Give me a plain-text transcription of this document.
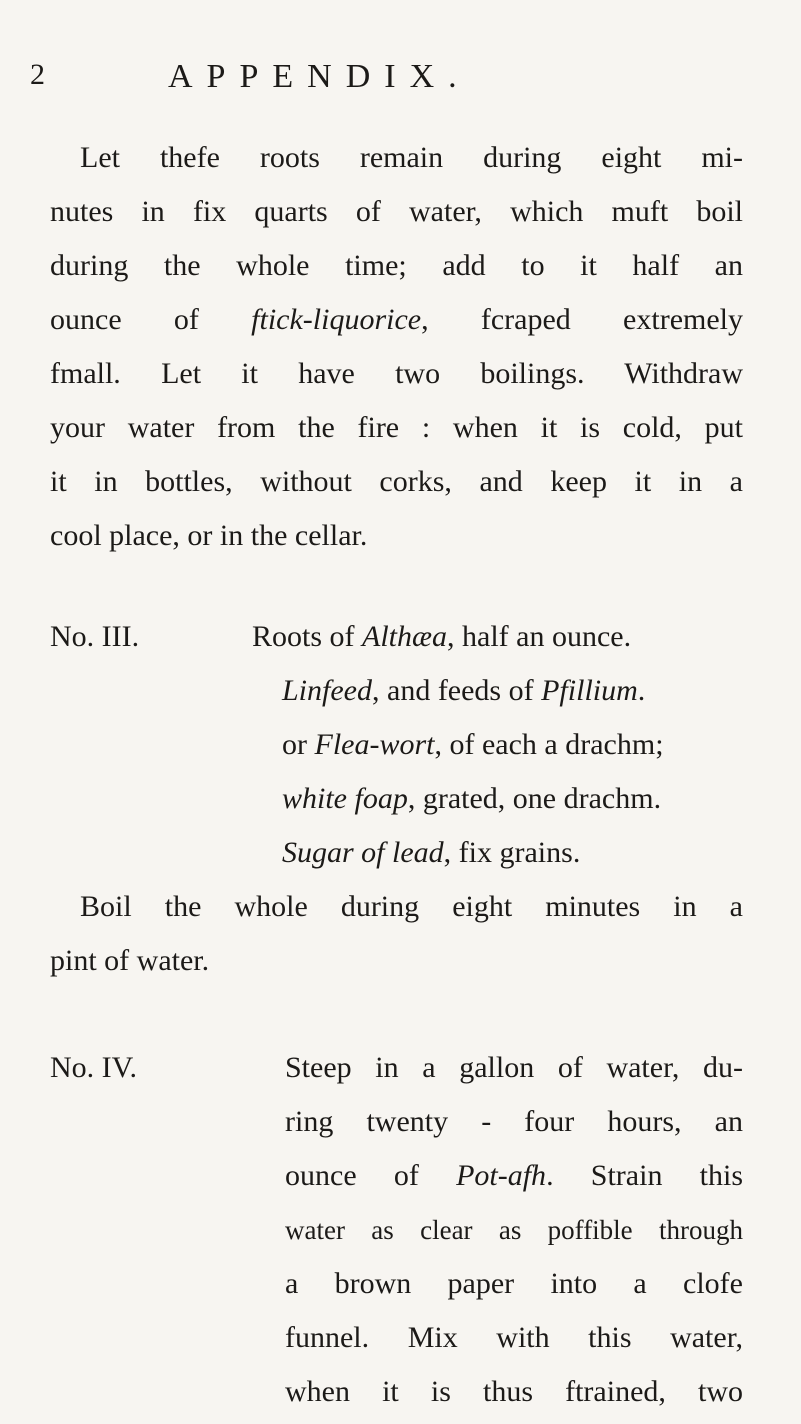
2	APPENDIX.
Let thefe roots remain during eight mi-
nutes in fix quarts of water, which muft boil
during the whole time; add to it half an
ounce of ftick-liquorice, fcraped extremely
fmall. Let it have two boilings. Withdraw
your water from the fire : when it is cold, put
it in bottles, without corks, and keep it in a
cool place, or in the cellar.
No. III.	Roots of Althæa, half an ounce.
Linfeed, and feeds of Pfillium.
or Flea-wort, of each a drachm;
white foap, grated, one drachm.
Sugar of lead, fix grains.
Boil the whole during eight minutes in a
pint of water.
No. IV.	Steep in a gallon of water, du-
ring twenty - four hours, an
ounce of Pot-afh. Strain this
water as clear as poffible through
a brown paper into a clofe
funnel. Mix with this water,
when it is thus ftrained, two
